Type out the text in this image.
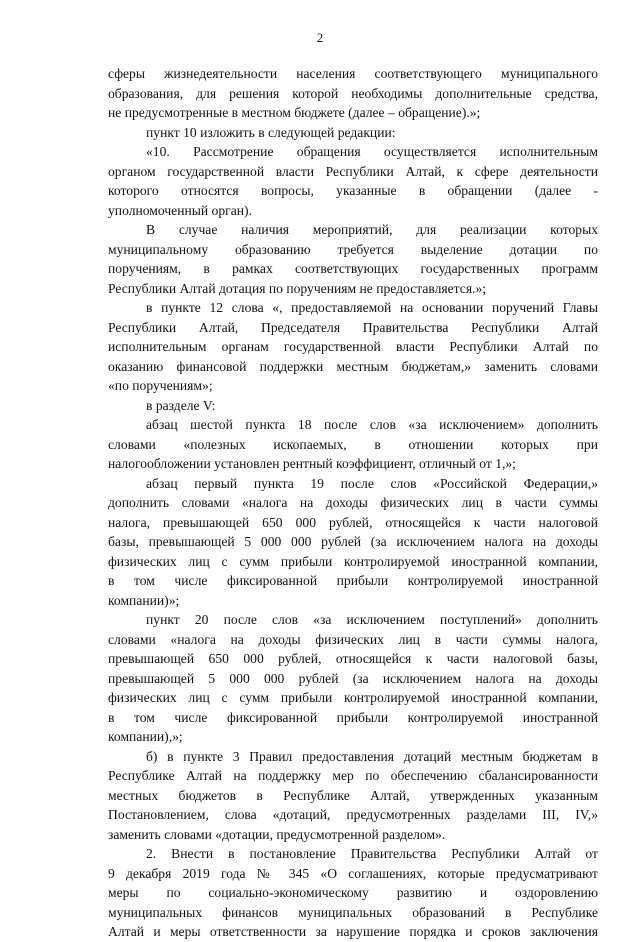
2

сферы жизнедеятельности населения соответствующего муниципального

образования, для решения которой необходимы дополнительные средства,

не предусмотренные в местном бюджете (далее – обращение).»;

пункт 10 изложить в следующей редакции:

«10. Рассмотрение обращения осуществляется исполнительным

органом государственной власти Республики Алтай, к сфере деятельности

которого относятся вопросы, указанные в обращении (далее -

уполномоченный орган).

В случае наличия мероприятий, для реализации которых

муниципальному образованию требуется выделение дотации по

поручениям, в рамках соответствующих государственных программ

Республики Алтай дотация по поручениям не предоставляется.»;

в пункте 12 слова «, предоставляемой на основании поручений Главы

Республики Алтай, Председателя Правительства Республики Алтай

исполнительным органам государственной власти Республики Алтай по

оказанию финансовой поддержки местным бюджетам,» заменить словами

«по поручениям»;

в разделе V:

абзац шестой пункта 18 после слов «за исключением» дополнить

словами «полезных ископаемых, в отношении которых при

налогообложении установлен рентный коэффициент, отличный от 1,»;

абзац первый пункта 19 после слов «Российской Федерации,»

дополнить словами «налога на доходы физических лиц в части суммы

налога, превышающей 650 000 рублей, относящейся к части налоговой

базы, превышающей 5 000 000 рублей (за исключением налога на доходы

физических лиц с сумм прибыли контролируемой иностранной компании,

в том числе фиксированной прибыли контролируемой иностранной

компании)»;

пункт 20 после слов «за исключением поступлений» дополнить

словами «налога на доходы физических лиц в части суммы налога,

превышающей 650 000 рублей, относящейся к части налоговой базы,

превышающей 5 000 000 рублей (за исключением налога на доходы

физических лиц с сумм прибыли контролируемой иностранной компании,

в том числе фиксированной прибыли контролируемой иностранной

компании),»;

б) в пункте 3 Правил предоставления дотаций местным бюджетам в

Республике Алтай на поддержку мер по обеспечению сбалансированности

местных бюджетов в Республике Алтай, утвержденных указанным

Постановлением, слова «дотаций, предусмотренных разделами III, IV,»

заменить словами «дотации, предусмотренной разделом».

2. Внести в постановление Правительства Республики Алтай от

9 декабря 2019 года № 345 «О соглашениях, которые предусматривают

меры по социально-экономическому развитию и оздоровлению

муниципальных финансов муниципальных образований в Республике

Алтай и меры ответственности за нарушение порядка и сроков заключения
